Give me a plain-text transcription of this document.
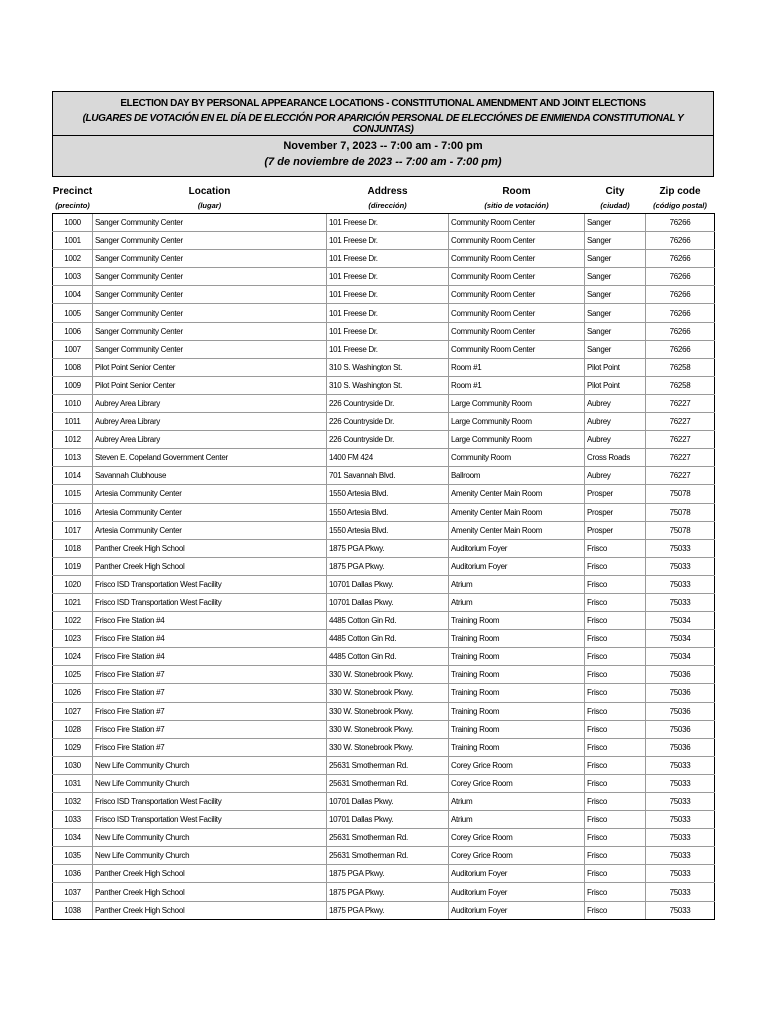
ELECTION DAY BY PERSONAL APPEARANCE LOCATIONS - CONSTITUTIONAL AMENDMENT AND JOINT ELECTIONS
(LUGARES DE VOTACIÓN EN EL DÍA DE ELECCIÓN POR APARICIÓN PERSONAL DE ELECCIÓNES DE ENMIENDA CONSTITUTIONAL Y CONJUNTAS)
November 7, 2023 -- 7:00 am - 7:00 pm
(7 de noviembre de 2023 -- 7:00 am - 7:00 pm)
Precinct	Location	Address	Room	City	Zip code
(precinto)	(lugar)	(dirección)	(sitio de votación)	(ciudad)	(código postal)
1000	Sanger Community Center	101 Freese Dr.	Community Room Center	Sanger	76266
1001	Sanger Community Center	101 Freese Dr.	Community Room Center	Sanger	76266
1002	Sanger Community Center	101 Freese Dr.	Community Room Center	Sanger	76266
1003	Sanger Community Center	101 Freese Dr.	Community Room Center	Sanger	76266
1004	Sanger Community Center	101 Freese Dr.	Community Room Center	Sanger	76266
1005	Sanger Community Center	101 Freese Dr.	Community Room Center	Sanger	76266
1006	Sanger Community Center	101 Freese Dr.	Community Room Center	Sanger	76266
1007	Sanger Community Center	101 Freese Dr.	Community Room Center	Sanger	76266
1008	Pilot Point Senior Center	310 S. Washington St.	Room #1	Pilot Point	76258
1009	Pilot Point Senior Center	310 S. Washington St.	Room #1	Pilot Point	76258
1010	Aubrey Area Library	226 Countryside Dr.	Large Community Room	Aubrey	76227
1011	Aubrey Area Library	226 Countryside Dr.	Large Community Room	Aubrey	76227
1012	Aubrey Area Library	226 Countryside Dr.	Large Community Room	Aubrey	76227
1013	Steven E. Copeland Government Center	1400 FM 424	Community Room	Cross Roads	76227
1014	Savannah Clubhouse	701 Savannah Blvd.	Ballroom	Aubrey	76227
1015	Artesia Community Center	1550 Artesia Blvd.	Amenity Center Main Room	Prosper	75078
1016	Artesia Community Center	1550 Artesia Blvd.	Amenity Center Main Room	Prosper	75078
1017	Artesia Community Center	1550 Artesia Blvd.	Amenity Center Main Room	Prosper	75078
1018	Panther Creek High School	1875 PGA Pkwy.	Auditorium Foyer	Frisco	75033
1019	Panther Creek High School	1875 PGA Pkwy.	Auditorium Foyer	Frisco	75033
1020	Frisco ISD Transportation West Facility	10701 Dallas Pkwy.	Atrium	Frisco	75033
1021	Frisco ISD Transportation West Facility	10701 Dallas Pkwy.	Atrium	Frisco	75033
1022	Frisco Fire Station #4	4485 Cotton Gin Rd.	Training Room	Frisco	75034
1023	Frisco Fire Station #4	4485 Cotton Gin Rd.	Training Room	Frisco	75034
1024	Frisco Fire Station #4	4485 Cotton Gin Rd.	Training Room	Frisco	75034
1025	Frisco Fire Station #7	330 W. Stonebrook Pkwy.	Training Room	Frisco	75036
1026	Frisco Fire Station #7	330 W. Stonebrook Pkwy.	Training Room	Frisco	75036
1027	Frisco Fire Station #7	330 W. Stonebrook Pkwy.	Training Room	Frisco	75036
1028	Frisco Fire Station #7	330 W. Stonebrook Pkwy.	Training Room	Frisco	75036
1029	Frisco Fire Station #7	330 W. Stonebrook Pkwy.	Training Room	Frisco	75036
1030	New Life Community Church	25631 Smotherman Rd.	Corey Grice Room	Frisco	75033
1031	New Life Community Church	25631 Smotherman Rd.	Corey Grice Room	Frisco	75033
1032	Frisco ISD Transportation West Facility	10701 Dallas Pkwy.	Atrium	Frisco	75033
1033	Frisco ISD Transportation West Facility	10701 Dallas Pkwy.	Atrium	Frisco	75033
1034	New Life Community Church	25631 Smotherman Rd.	Corey Grice Room	Frisco	75033
1035	New Life Community Church	25631 Smotherman Rd.	Corey Grice Room	Frisco	75033
1036	Panther Creek High School	1875 PGA Pkwy.	Auditorium Foyer	Frisco	75033
1037	Panther Creek High School	1875 PGA Pkwy.	Auditorium Foyer	Frisco	75033
1038	Panther Creek High School	1875 PGA Pkwy.	Auditorium Foyer	Frisco	75033
